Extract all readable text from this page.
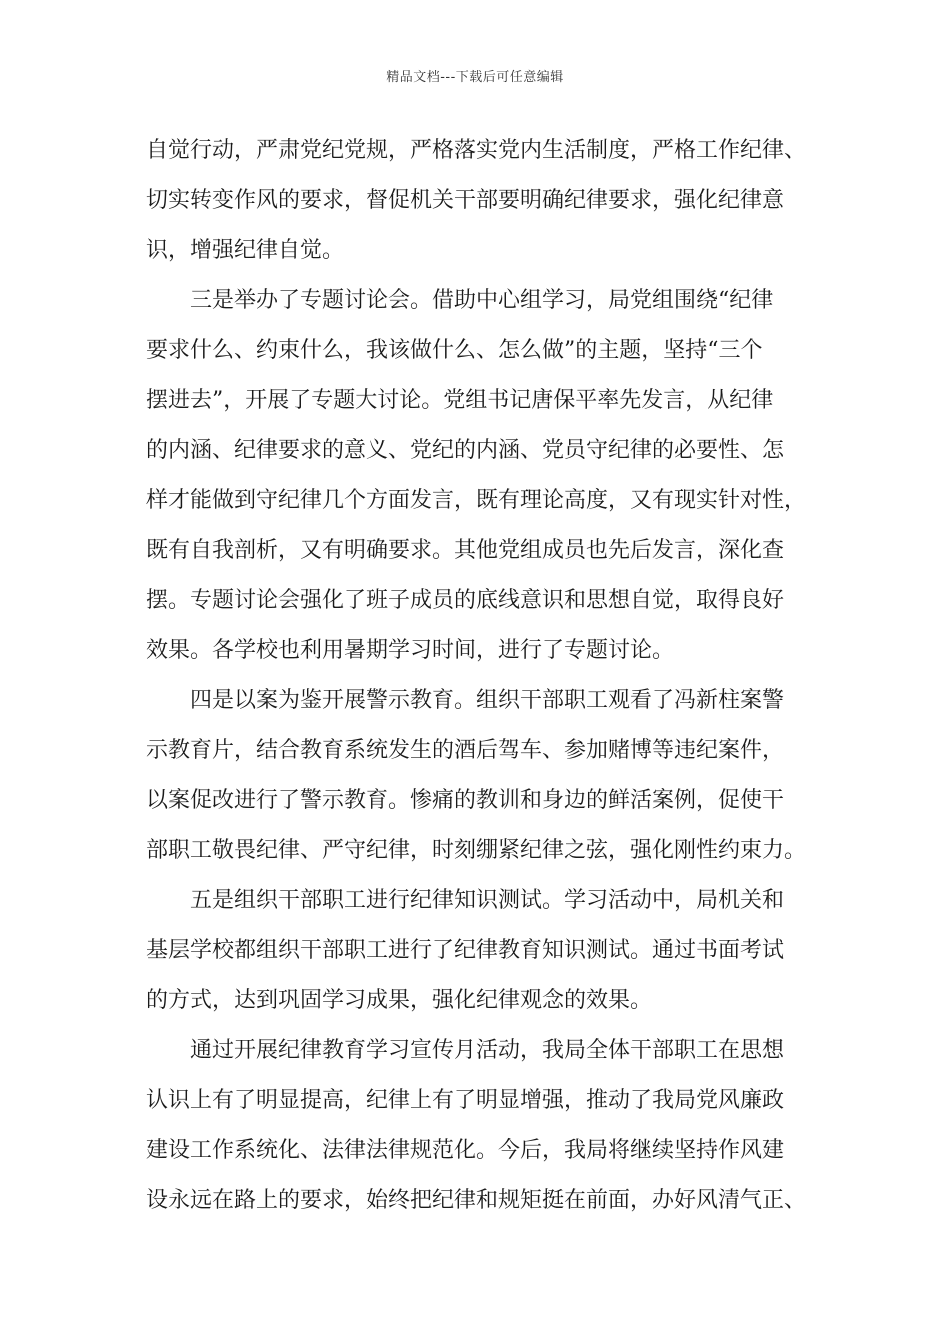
精品文档---下载后可任意编辑
自觉行动，严肃党纪党规，严格落实党内生活制度，严格工作纪律、
切实转变作风的要求，督促机关干部要明确纪律要求，强化纪律意
识，增强纪律自觉。
三是举办了专题讨论会。借助中心组学习，局党组围绕“纪律
要求什么、约束什么，我该做什么、怎么做”的主题，坚持“三个
摆进去”，开展了专题大讨论。党组书记唐保平率先发言，从纪律
的内涵、纪律要求的意义、党纪的内涵、党员守纪律的必要性、怎
样才能做到守纪律几个方面发言，既有理论高度，又有现实针对性，
既有自我剖析，又有明确要求。其他党组成员也先后发言，深化查
摆。专题讨论会强化了班子成员的底线意识和思想自觉，取得良好
效果。各学校也利用暑期学习时间，进行了专题讨论。
四是以案为鉴开展警示教育。组织干部职工观看了冯新柱案警
示教育片，结合教育系统发生的酒后驾车、参加赌博等违纪案件，
以案促改进行了警示教育。惨痛的教训和身边的鲜活案例，促使干
部职工敬畏纪律、严守纪律，时刻绷紧纪律之弦，强化刚性约束力。
五是组织干部职工进行纪律知识测试。学习活动中，局机关和
基层学校都组织干部职工进行了纪律教育知识测试。通过书面考试
的方式，达到巩固学习成果，强化纪律观念的效果。
通过开展纪律教育学习宣传月活动，我局全体干部职工在思想
认识上有了明显提高，纪律上有了明显增强，推动了我局党风廉政
建设工作系统化、法律法律规范化。今后，我局将继续坚持作风建
设永远在路上的要求，始终把纪律和规矩挺在前面，办好风清气正、
